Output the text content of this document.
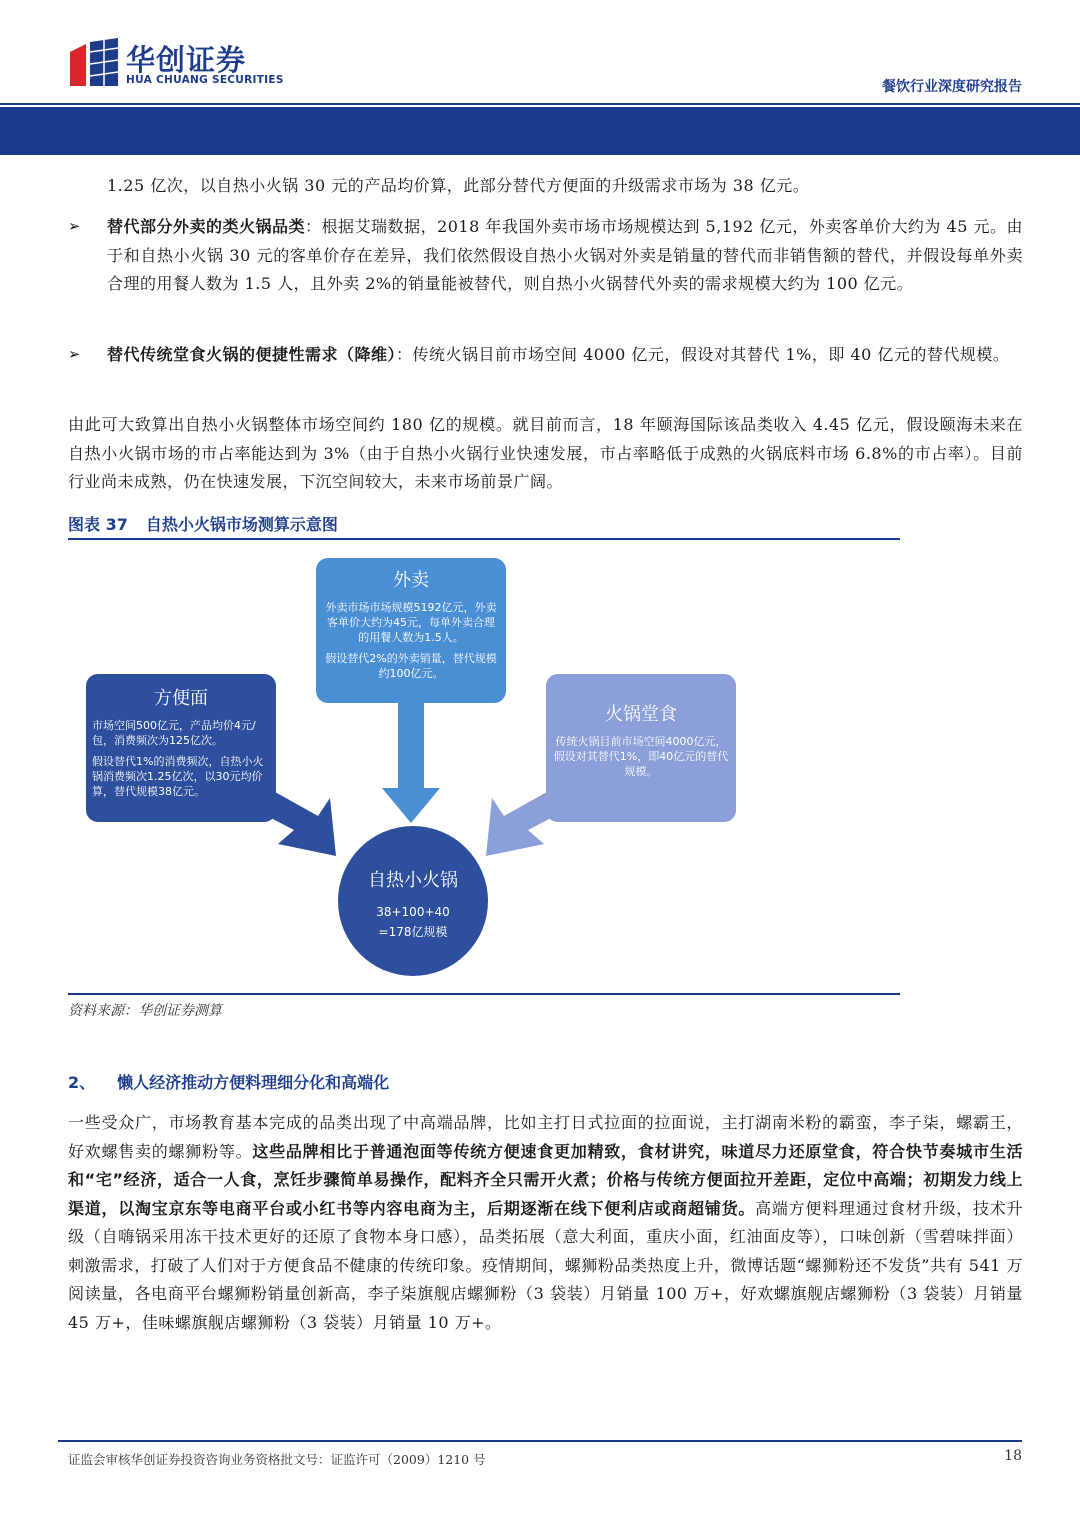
华创证券
HUA CHUANG SECURITIES	餐饮行业深度研究报告
1.25 亿次，以自热小火锅 30 元的产品均价算，此部分替代方便面的升级需求市场为 38 亿元。
➢ 替代部分外卖的类火锅品类：根据艾瑞数据，2018 年我国外卖市场市场规模达到 5,192 亿元，外卖客单价大约为 45 元。由于和自热小火锅 30 元的客单价存在差异，我们依然假设自热小火锅对外卖是销量的替代而非销售额的替代，并假设每单外卖合理的用餐人数为 1.5 人，且外卖 2%的销量能被替代，则自热小火锅替代外卖的需求规模大约为 100 亿元。
➢ 替代传统堂食火锅的便捷性需求（降维）：传统火锅目前市场空间 4000 亿元，假设对其替代 1%，即 40 亿元的替代规模。
由此可大致算出自热小火锅整体市场空间约 180 亿的规模。就目前而言，18 年颐海国际该品类收入 4.45 亿元，假设颐海未来在自热小火锅市场的市占率能达到为 3%（由于自热小火锅行业快速发展，市占率略低于成熟的火锅底料市场 6.8%的市占率）。目前行业尚未成熟，仍在快速发展，下沉空间较大，未来市场前景广阔。
图表 37 自热小火锅市场测算示意图
外卖
外卖市场市场规模5192亿元，外卖客单价大约为45元，每单外卖合理的用餐人数为1.5人。
假设替代2%的外卖销量，替代规模约100亿元。
方便面
市场空间500亿元，产品均价4元/包，消费频次为125亿次。
假设替代1%的消费频次，自热小火锅消费频次1.25亿次，以30元均价算，替代规模38亿元。
火锅堂食
传统火锅目前市场空间4000亿元，假设对其替代1%，即40亿元的替代规模。
自热小火锅
38+100+40
=178亿规模
资料来源：华创证券测算
2、 懒人经济推动方便料理细分化和高端化
一些受众广，市场教育基本完成的品类出现了中高端品牌，比如主打日式拉面的拉面说，主打湖南米粉的霸蛮，李子柒，螺霸王，好欢螺售卖的螺狮粉等。这些品牌相比于普通泡面等传统方便速食更加精致，食材讲究，味道尽力还原堂食，符合快节奏城市生活和“宅”经济，适合一人食，烹饪步骤简单易操作，配料齐全只需开火煮；价格与传统方便面拉开差距，定位中高端；初期发力线上渠道，以淘宝京东等电商平台或小红书等内容电商为主，后期逐渐在线下便利店或商超铺货。高端方便料理通过食材升级，技术升级（自嗨锅采用冻干技术更好的还原了食物本身口感），品类拓展（意大利面，重庆小面，红油面皮等），口味创新（雪碧味拌面）刺激需求，打破了人们对于方便食品不健康的传统印象。疫情期间，螺狮粉品类热度上升，微博话题“螺狮粉还不发货”共有 541 万阅读量，各电商平台螺狮粉销量创新高，李子柒旗舰店螺狮粉（3 袋装）月销量 100 万+，好欢螺旗舰店螺狮粉（3 袋装）月销量 45 万+，佳味螺旗舰店螺狮粉（3 袋装）月销量 10 万+。
证监会审核华创证券投资咨询业务资格批文号：证监许可（2009）1210 号	18
